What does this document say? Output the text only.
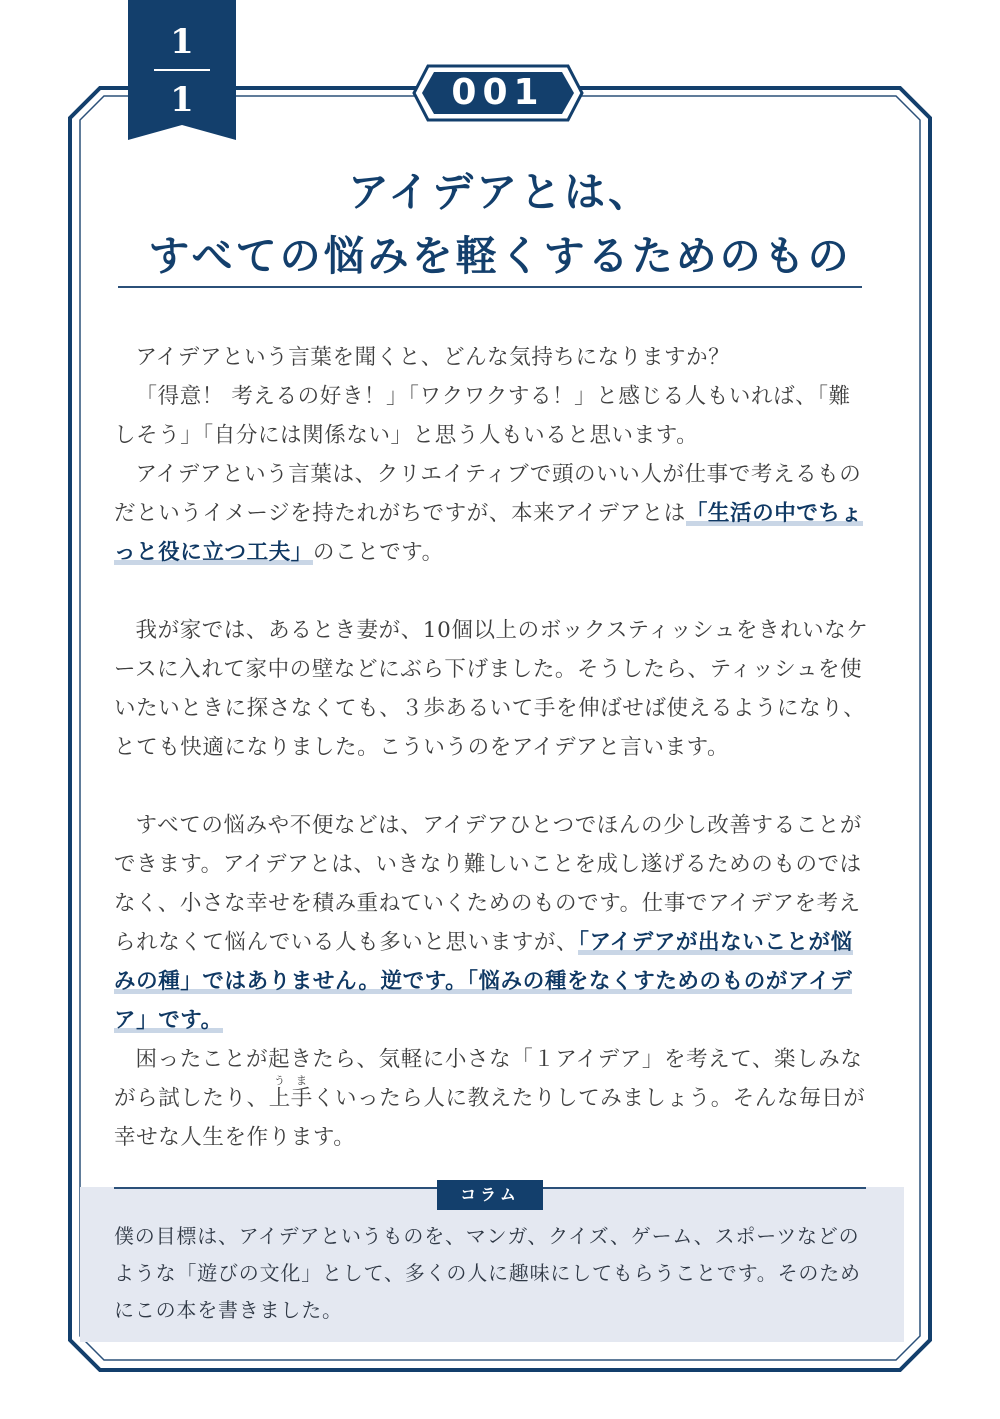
1
1	001
アイデアとは、
すべての悩みを軽くするためのもの

アイデアという言葉を聞くと、どんな気持ちになりますか？

「得意！ 考えるの好き！」「ワクワクする！」と感じる人もいれば、「難しそう」「自分には関係ない」と思う人もいると思います。

アイデアという言葉は、クリエイティブで頭のいい人が仕事で考えるものだというイメージを持たれがちですが、本来アイデアとは「生活の中でちょっと役に立つ工夫」のことです。

我が家では、あるとき妻が、10個以上のボックスティッシュをきれいなケースに入れて家中の壁などにぶら下げました。そうしたら、ティッシュを使いたいときに探さなくても、３歩あるいて手を伸ばせば使えるようになり、とても快適になりました。こういうのをアイデアと言います。

すべての悩みや不便などは、アイデアひとつでほんの少し改善することができます。アイデアとは、いきなり難しいことを成し遂げるためのものではなく、小さな幸せを積み重ねていくためのものです。仕事でアイデアを考えられなくて悩んでいる人も多いと思いますが、「アイデアが出ないことが悩みの種」ではありません。逆です。「悩みの種をなくすためのものがアイデア」です。

困ったことが起きたら、気軽に小さな「１アイデア」を考えて、楽しみながら試したり、上手うまくいったら人に教えたりしてみましょう。そんな毎日が幸せな人生を作ります。

コラム
僕の目標は、アイデアというものを、マンガ、クイズ、ゲーム、スポーツなどのような「遊びの文化」として、多くの人に趣味にしてもらうことです。そのためにこの本を書きました。
